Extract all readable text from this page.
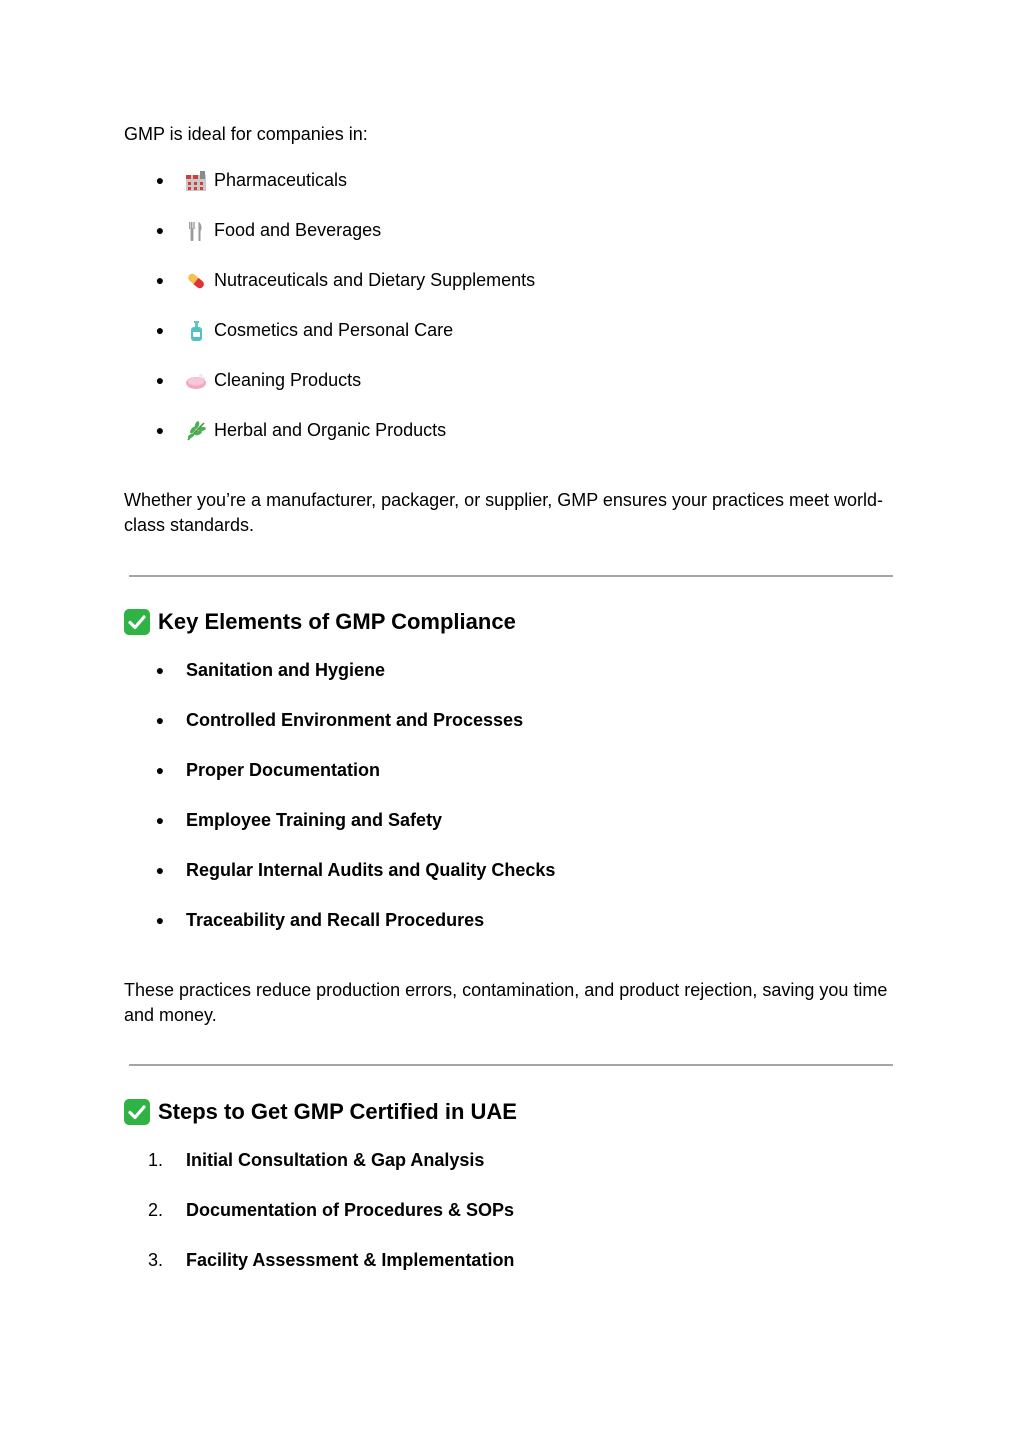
GMP is ideal for companies in:

●	Pharmaceuticals
●	Food and Beverages
●	Nutraceuticals and Dietary Supplements
●	Cosmetics and Personal Care
●	Cleaning Products
●	Herbal and Organic Products

Whether you’re a manufacturer, packager, or supplier, GMP ensures your practices meet world-class standards.

Key Elements of GMP Compliance
● Sanitation and Hygiene
● Controlled Environment and Processes
● Proper Documentation
● Employee Training and Safety
● Regular Internal Audits and Quality Checks
● Traceability and Recall Procedures

These practices reduce production errors, contamination, and product rejection, saving you time and money.

Steps to Get GMP Certified in UAE
1.	Initial Consultation & Gap Analysis
2.	Documentation of Procedures & SOPs
3.	Facility Assessment & Implementation
